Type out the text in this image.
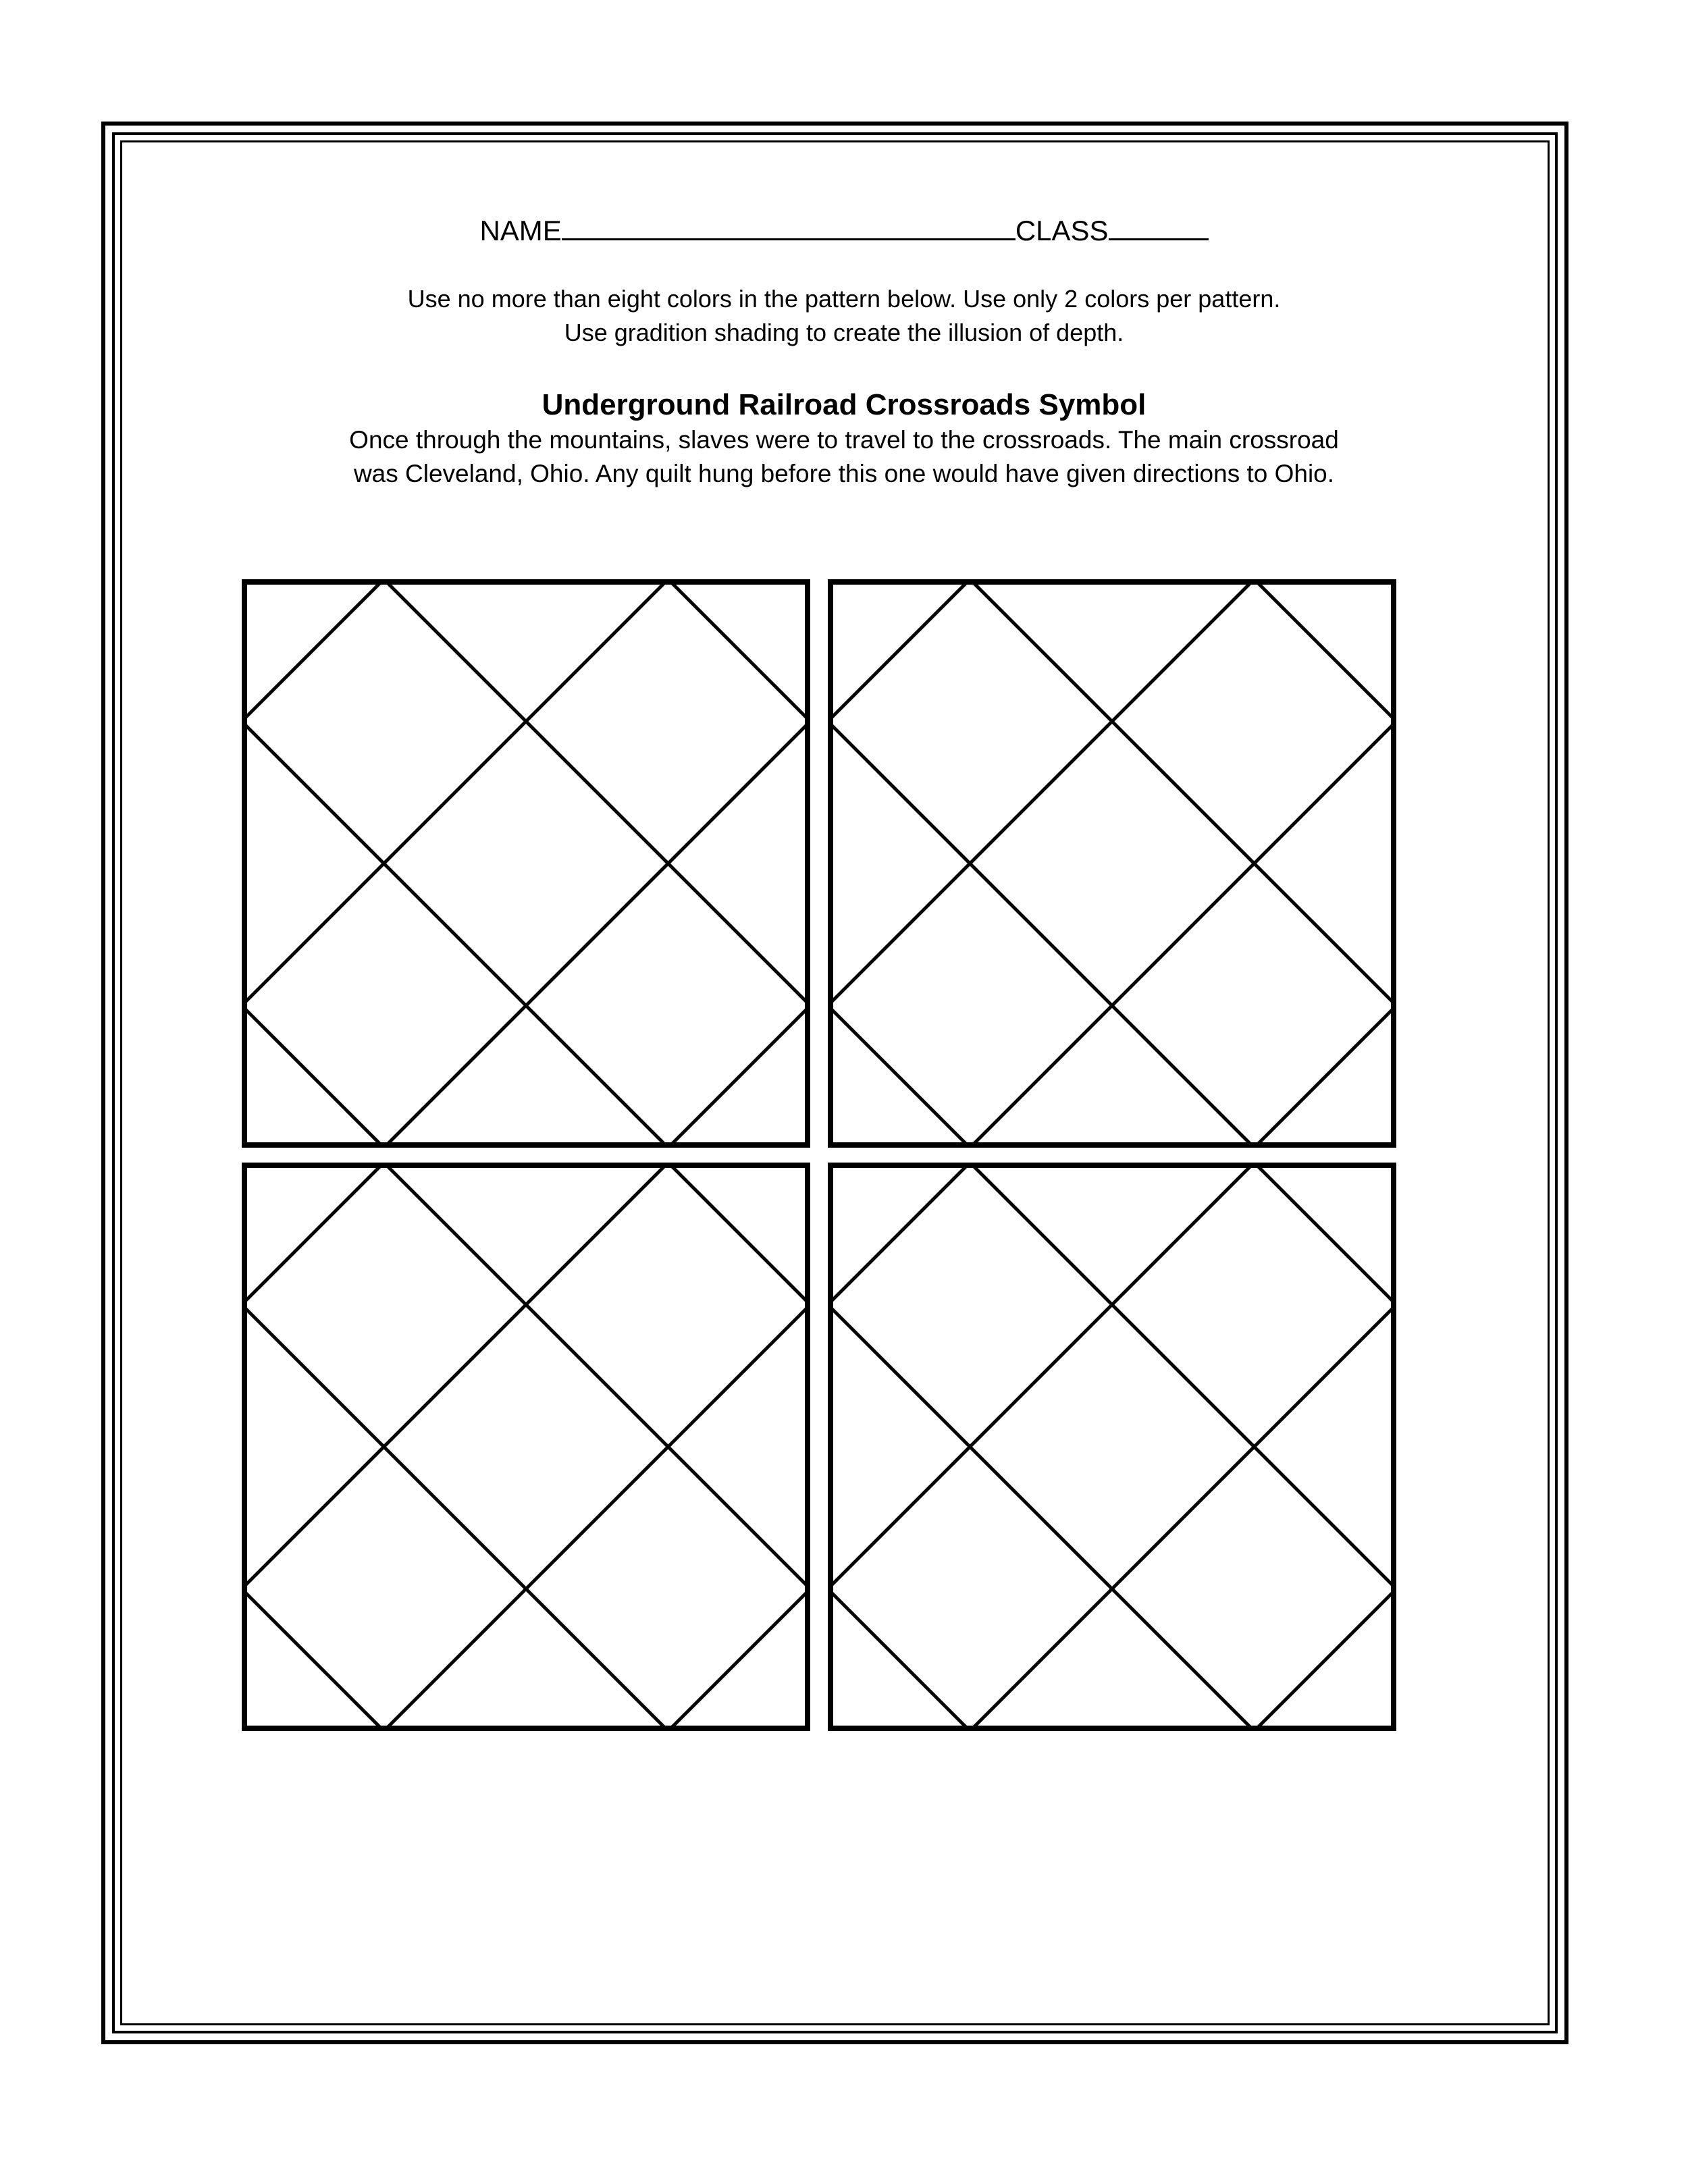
NAME	CLASS
Use no more than eight colors in the pattern below. Use only 2 colors per pattern.
Use gradition shading to create the illusion of depth.
Underground Railroad Crossroads Symbol
Once through the mountains, slaves were to travel to the crossroads. The main crossroad
was Cleveland, Ohio. Any quilt hung before this one would have given directions to Ohio.
